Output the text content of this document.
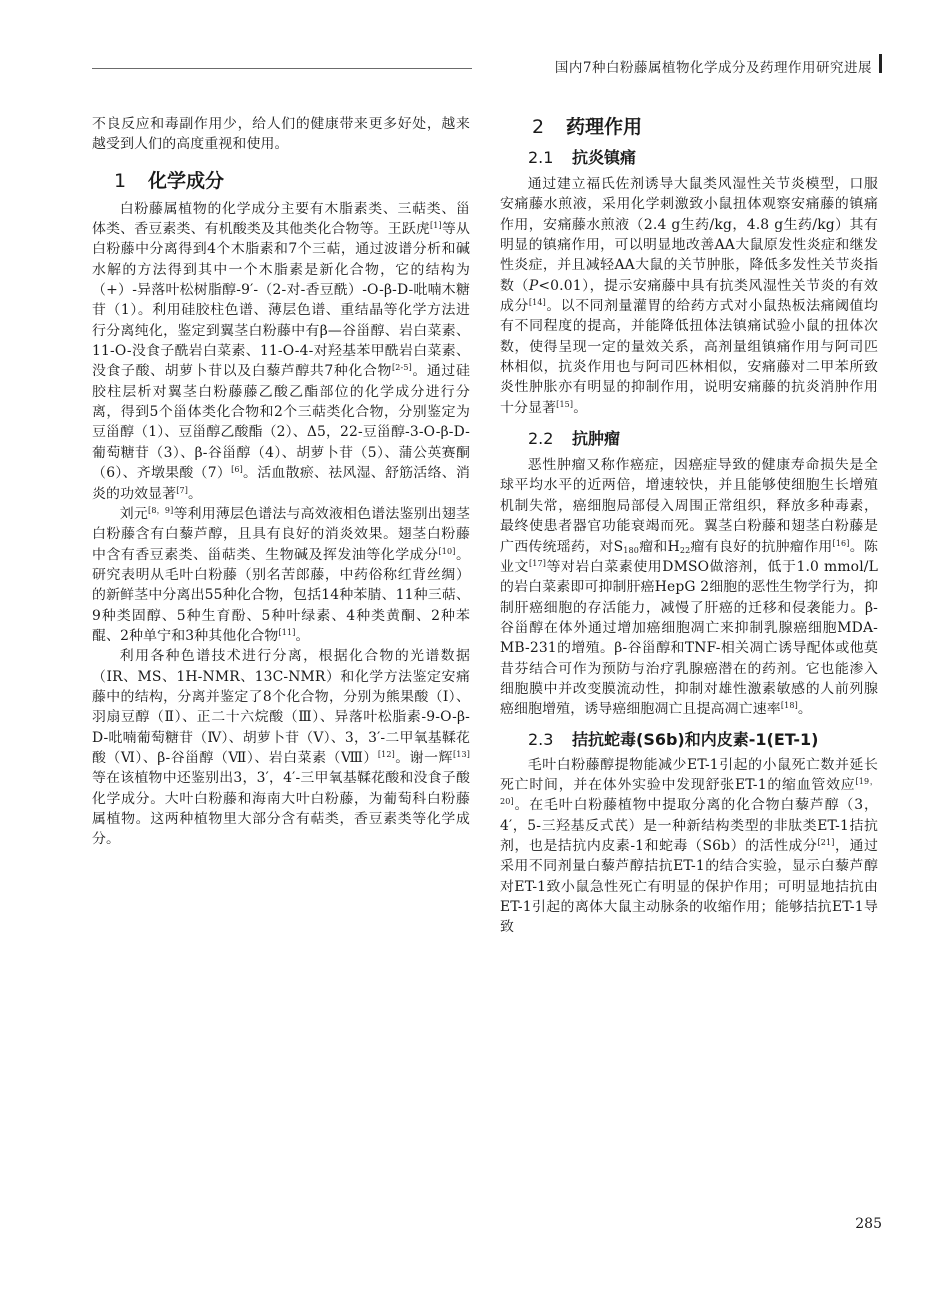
国内7种白粉藤属植物化学成分及药理作用研究进展

不良反应和毒副作用少，给人们的健康带来更多好处，越来越受到人们的高度重视和使用。

1 化学成分

白粉藤属植物的化学成分主要有木脂素类、三萜类、甾体类、香豆素类、有机酸类及其他类化合物等。王跃虎[1]等从白粉藤中分离得到4个木脂素和7个三萜，通过波谱分析和碱水解的方法得到其中一个木脂素是新化合物，它的结构为（+）-异落叶松树脂醇-9′-（2-对-香豆酰）-O-β-D-吡喃木糖苷（1）。利用硅胶柱色谱、薄层色谱、重结晶等化学方法进行分离纯化，鉴定到翼茎白粉藤中有β—谷甾醇、岩白菜素、11-O-没食子酰岩白菜素、11-O-4-对羟基苯甲酰岩白菜素、没食子酸、胡萝卜苷以及白藜芦醇共7种化合物[2-5]。通过硅胶柱层析对翼茎白粉藤藤乙酸乙酯部位的化学成分进行分离，得到5个甾体类化合物和2个三萜类化合物，分别鉴定为豆甾醇（1）、豆甾醇乙酸酯（2）、Δ5，22-豆甾醇-3-O-β-D-葡萄糖苷（3）、β-谷甾醇（4）、胡萝卜苷（5）、蒲公英赛酮（6）、齐墩果酸（7）[6]。活血散瘀、祛风湿、舒筋活络、消炎的功效显著[7]。

刘元[8，9]等利用薄层色谱法与高效液相色谱法鉴别出翅茎白粉藤含有白藜芦醇，且具有良好的消炎效果。翅茎白粉藤中含有香豆素类、甾萜类、生物碱及挥发油等化学成分[10]。研究表明从毛叶白粉藤（别名苦郎藤，中药俗称红背丝绸）的新鲜茎中分离出55种化合物，包括14种苯腈、11种三萜、9种类固醇、5种生育酚、5种叶绿素、4种类黄酮、2种苯醌、2种单宁和3种其他化合物[11]。

利用各种色谱技术进行分离，根据化合物的光谱数据（IR、MS、1H-NMR、13C-NMR）和化学方法鉴定安痛藤中的结构，分离并鉴定了8个化合物，分别为熊果酸（Ⅰ）、羽扇豆醇（Ⅱ）、正二十六烷酸（Ⅲ）、异落叶松脂素-9-O-β-D-吡喃葡萄糖苷（Ⅳ）、胡萝卜苷（Ⅴ）、3，3′-二甲氧基鞣花酸（Ⅵ）、β-谷甾醇（Ⅶ）、岩白菜素（Ⅷ）[12]。谢一辉[13]等在该植物中还鉴别出3，3′，4′-三甲氧基鞣花酸和没食子酸化学成分。大叶白粉藤和海南大叶白粉藤，为葡萄科白粉藤属植物。这两种植物里大部分含有萜类，香豆素类等化学成分。

2 药理作用
2.1 抗炎镇痛

通过建立福氏佐剂诱导大鼠类风湿性关节炎模型，口服安痛藤水煎液，采用化学刺激致小鼠扭体观察安痛藤的镇痛作用，安痛藤水煎液（2.4 g生药/kg，4.8 g生药/kg）其有明显的镇痛作用，可以明显地改善AA大鼠原发性炎症和继发性炎症，并且减轻AA大鼠的关节肿胀，降低多发性关节炎指数（P<0.01），提示安痛藤中具有抗类风湿性关节炎的有效成分[14]。以不同剂量灌胃的给药方式对小鼠热板法痛阈值均有不同程度的提高，并能降低扭体法镇痛试验小鼠的扭体次数，使得呈现一定的量效关系，高剂量组镇痛作用与阿司匹林相似，抗炎作用也与阿司匹林相似，安痛藤对二甲苯所致炎性肿胀亦有明显的抑制作用，说明安痛藤的抗炎消肿作用十分显著[15]。

2.2 抗肿瘤

恶性肿瘤又称作癌症，因癌症导致的健康寿命损失是全球平均水平的近两倍，增速较快，并且能够使细胞生长增殖机制失常，癌细胞局部侵入周围正常组织，释放多种毒素，最终使患者器官功能衰竭而死。翼茎白粉藤和翅茎白粉藤是广西传统瑶药，对$S_{180}$瘤和$H_{22}$瘤有良好的抗肿瘤作用[16]。陈业文[17]等对岩白菜素使用DMSO做溶剂，低于1.0 mmol/L的岩白菜素即可抑制肝癌HepG 2细胞的恶性生物学行为，抑制肝癌细胞的存活能力，减慢了肝癌的迁移和侵袭能力。β-谷甾醇在体外通过增加癌细胞凋亡来抑制乳腺癌细胞MDA-MB-231的增殖。β-谷甾醇和TNF-相关凋亡诱导配体或他莫昔芬结合可作为预防与治疗乳腺癌潜在的药剂。它也能渗入细胞膜中并改变膜流动性，抑制对雄性激素敏感的人前列腺癌细胞增殖，诱导癌细胞凋亡且提高凋亡速率[18]。

2.3 拮抗蛇毒(S6b)和内皮素-1(ET-1)

毛叶白粉藤醇提物能减少ET-1引起的小鼠死亡数并延长死亡时间，并在体外实验中发现舒张ET-1的缩血管效应[19，20]。在毛叶白粉藤植物中提取分离的化合物白藜芦醇（3，4′，5-三羟基反式芪）是一种新结构类型的非肽类ET-1拮抗剂，也是拮抗内皮素-1和蛇毒（S6b）的活性成分[21]，通过采用不同剂量白藜芦醇拮抗ET-1的结合实验，显示白藜芦醇对ET-1致小鼠急性死亡有明显的保护作用；可明显地拮抗由ET-1引起的离体大鼠主动脉条的收缩作用；能够拮抗ET-1导致

285
